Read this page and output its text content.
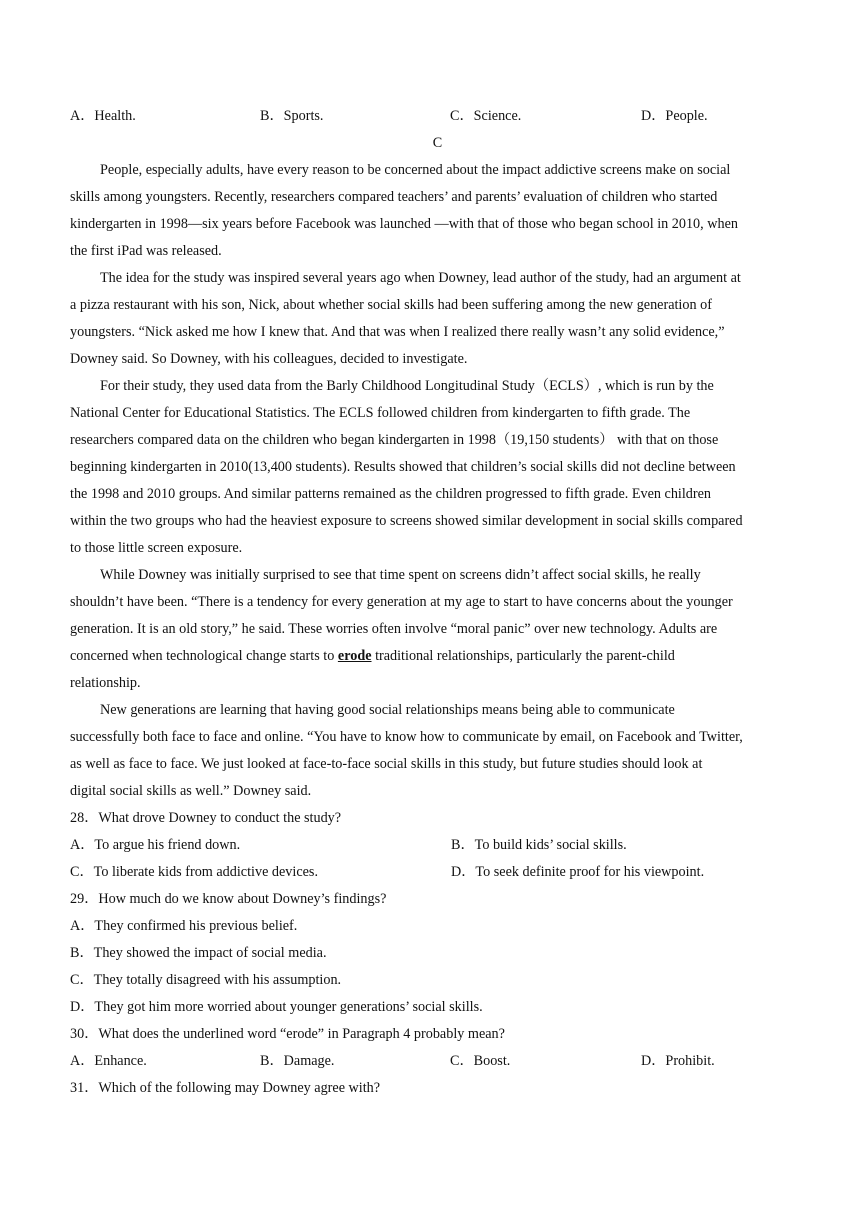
A．Health.	B．Sports.	C．Science.	D．People.
C
People, especially adults, have every reason to be concerned about the impact addictive screens make on social
skills among youngsters. Recently, researchers compared teachers’ and parents’ evaluation of children who started
kindergarten in 1998—six years before Facebook was launched —with that of those who began school in 2010, when
the first iPad was released.
The idea for the study was inspired several years ago when Downey, lead author of the study, had an argument at
a pizza restaurant with his son, Nick, about whether social skills had been suffering among the new generation of
youngsters. “Nick asked me how I knew that. And that was when I realized there really wasn’t any solid evidence,”
Downey said. So Downey, with his colleagues, decided to investigate.
For their study, they used data from the Barly Childhood Longitudinal Study（ECLS）, which is run by the
National Center for Educational Statistics. The ECLS followed children from kindergarten to fifth grade. The
researchers compared data on the children who began kindergarten in 1998（19,150 students） with that on those
beginning kindergarten in 2010(13,400 students). Results showed that children’s social skills did not decline between
the 1998 and 2010 groups. And similar patterns remained as the children progressed to fifth grade. Even children
within the two groups who had the heaviest exposure to screens showed similar development in social skills compared
to those little screen exposure.
While Downey was initially surprised to see that time spent on screens didn’t affect social skills, he really
shouldn’t have been. “There is a tendency for every generation at my age to start to have concerns about the younger
generation. It is an old story,” he said. These worries often involve “moral panic” over new technology. Adults are
concerned when technological change starts to erode traditional relationships, particularly the parent-child
relationship.
New generations are learning that having good social relationships means being able to communicate
successfully both face to face and online. “You have to know how to communicate by email, on Facebook and Twitter,
as well as face to face. We just looked at face-to-face social skills in this study, but future studies should look at
digital social skills as well.” Downey said.
28．What drove Downey to conduct the study?
A．To argue his friend down.	B．To build kids’ social skills.
C．To liberate kids from addictive devices.	D．To seek definite proof for his viewpoint.
29．How much do we know about Downey’s findings?
A．They confirmed his previous belief.
B．They showed the impact of social media.
C．They totally disagreed with his assumption.
D．They got him more worried about younger generations’ social skills.
30．What does the underlined word “erode” in Paragraph 4 probably mean?
A．Enhance.	B．Damage.	C．Boost.	D．Prohibit.
31．Which of the following may Downey agree with?
